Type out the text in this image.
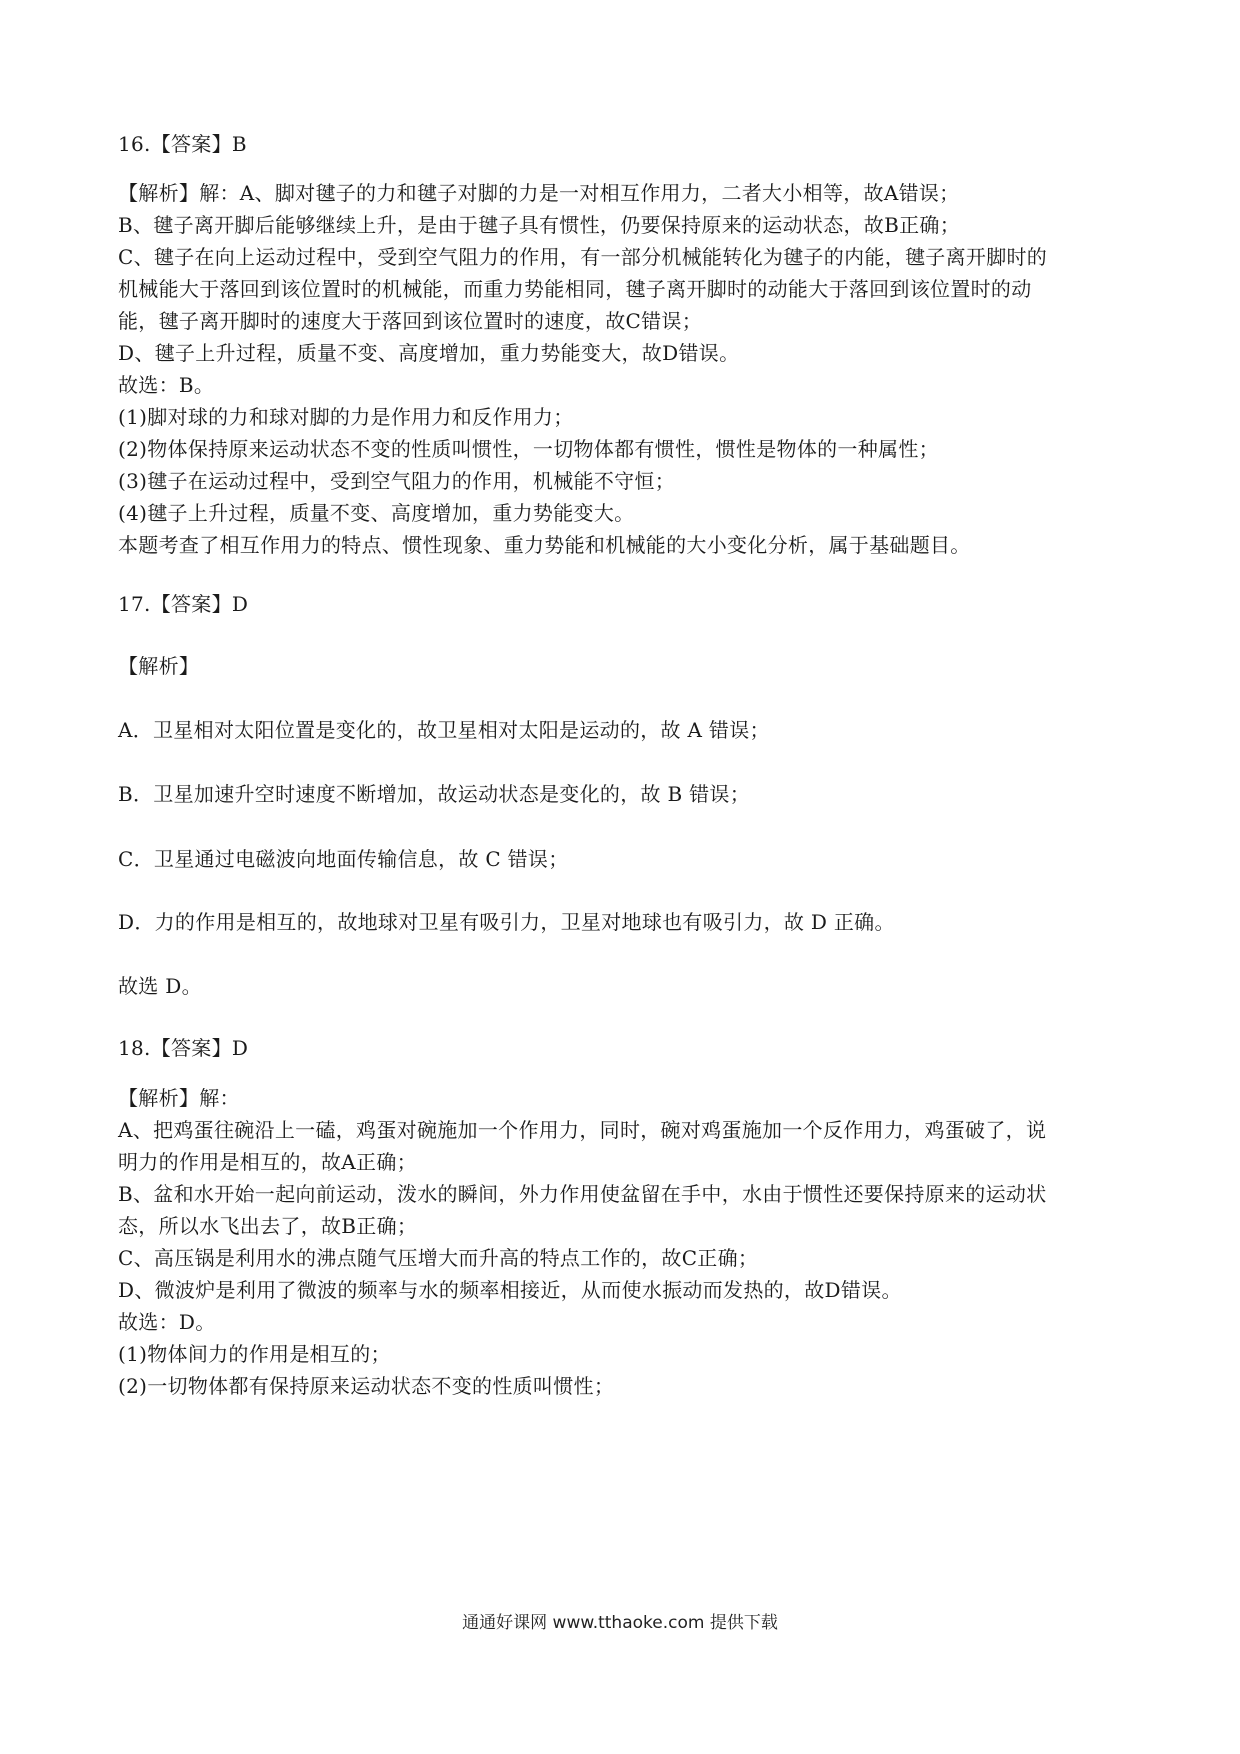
16.【答案】B
【解析】解：A、脚对毽子的力和毽子对脚的力是一对相互作用力，二者大小相等，故A错误；
B、毽子离开脚后能够继续上升，是由于毽子具有惯性，仍要保持原来的运动状态，故B正确；
C、毽子在向上运动过程中，受到空气阻力的作用，有一部分机械能转化为毽子的内能，毽子离开脚时的
机械能大于落回到该位置时的机械能，而重力势能相同，毽子离开脚时的动能大于落回到该位置时的动
能，毽子离开脚时的速度大于落回到该位置时的速度，故C错误；
D、毽子上升过程，质量不变、高度增加，重力势能变大，故D错误。
故选：B。
(1)脚对球的力和球对脚的力是作用力和反作用力；
(2)物体保持原来运动状态不变的性质叫惯性，一切物体都有惯性，惯性是物体的一种属性；
(3)毽子在运动过程中，受到空气阻力的作用，机械能不守恒；
(4)毽子上升过程，质量不变、高度增加，重力势能变大。
本题考查了相互作用力的特点、惯性现象、重力势能和机械能的大小变化分析，属于基础题目。
17.【答案】D
【解析】
A．卫星相对太阳位置是变化的，故卫星相对太阳是运动的，故 A 错误；
B．卫星加速升空时速度不断增加，故运动状态是变化的，故 B 错误；
C．卫星通过电磁波向地面传输信息，故 C 错误；
D．力的作用是相互的，故地球对卫星有吸引力，卫星对地球也有吸引力，故 D 正确。
故选 D。
18.【答案】D
【解析】解：
A、把鸡蛋往碗沿上一磕，鸡蛋对碗施加一个作用力，同时，碗对鸡蛋施加一个反作用力，鸡蛋破了，说
明力的作用是相互的，故A正确；
B、盆和水开始一起向前运动，泼水的瞬间，外力作用使盆留在手中，水由于惯性还要保持原来的运动状
态，所以水飞出去了，故B正确；
C、高压锅是利用水的沸点随气压增大而升高的特点工作的，故C正确；
D、微波炉是利用了微波的频率与水的频率相接近，从而使水振动而发热的，故D错误。
故选：D。
(1)物体间力的作用是相互的；
(2)一切物体都有保持原来运动状态不变的性质叫惯性；
通通好课网 www.tthaoke.com 提供下载
